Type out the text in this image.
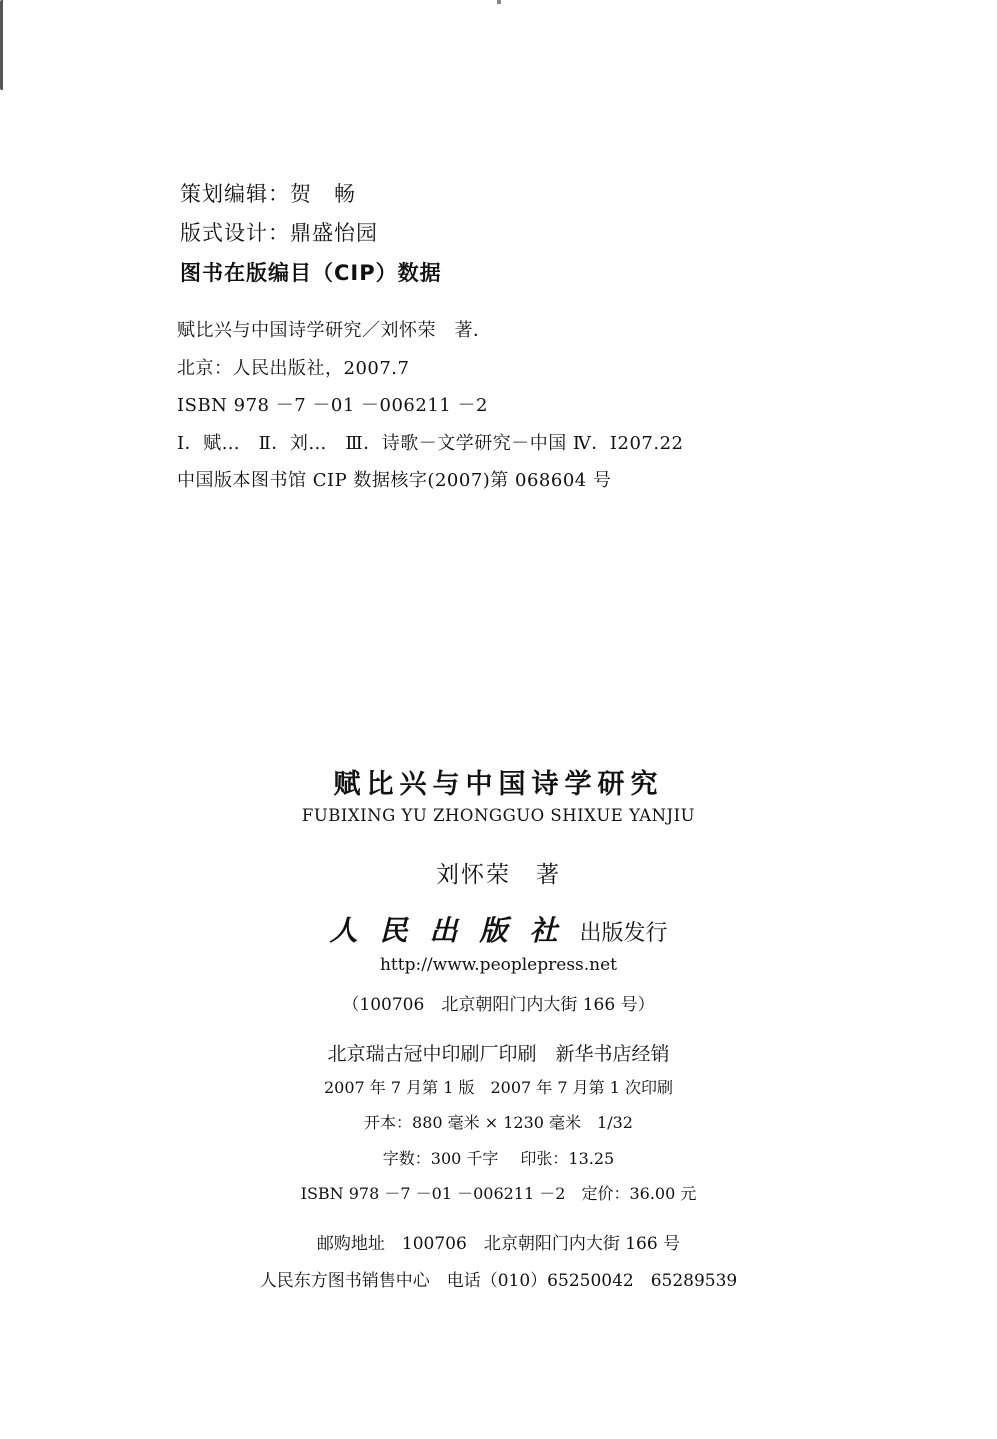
策划编辑：贺　畅
版式设计：鼎盛怡园
图书在版编目（CIP）数据
赋比兴与中国诗学研究／刘怀荣　著．
北京：人民出版社，2007.7
ISBN 978 －7 －01 －006211 －2
Ⅰ．赋…　Ⅱ．刘…　Ⅲ．诗歌－文学研究－中国 Ⅳ．I207.22
中国版本图书馆 CIP 数据核字(2007)第 068604 号
赋比兴与中国诗学研究
FUBIXING YU ZHONGGUO SHIXUE YANJIU
刘怀荣　著
人民出版社出版发行
http://www.peoplepress.net
（100706　北京朝阳门内大街 166 号）
北京瑞古冠中印刷厂印刷　新华书店经销
2007 年 7 月第 1 版　2007 年 7 月第 1 次印刷
开本：880 毫米 × 1230 毫米　1/32
字数：300 千字 印张：13.25
ISBN 978 －7 －01 －006211 －2　 定价：36.00 元
邮购地址　100706　北京朝阳门内大街 166 号
人民东方图书销售中心　电话（010）65250042　65289539
